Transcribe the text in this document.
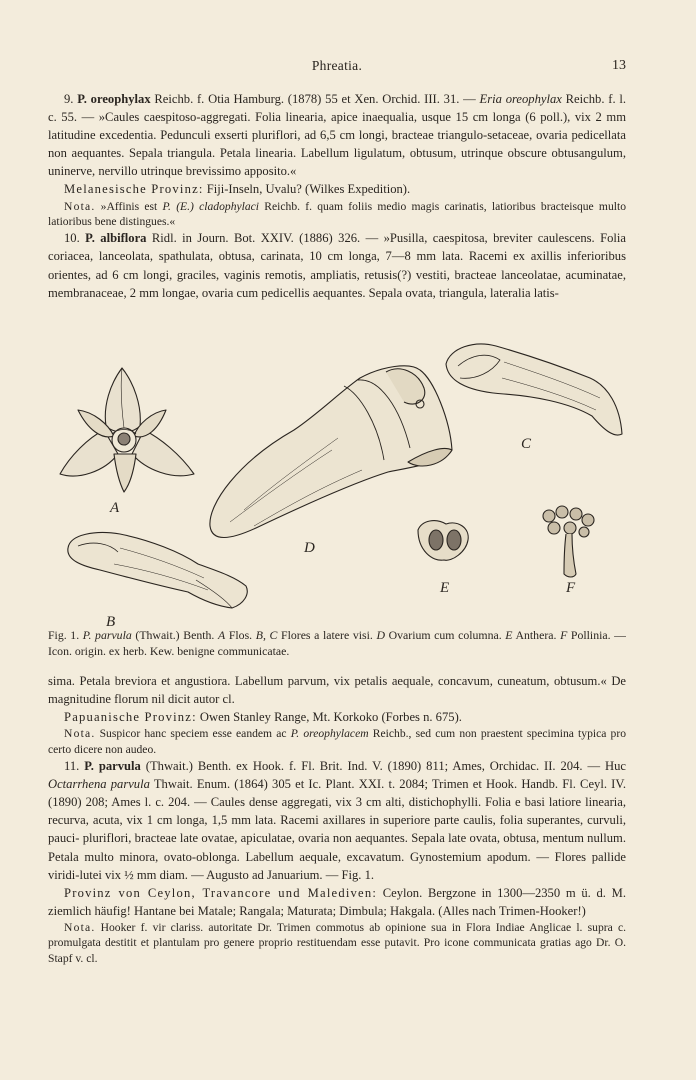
Phreatia.	13

9. P. oreophylax Reichb. f. Otia Hamburg. (1878) 55 et Xen. Orchid. III. 31. — Eria oreophylax Reichb. f. l. c. 55. — »Caules caespitoso-aggregati. Folia linearia, apice inaequalia, usque 15 cm longa (6 poll.), vix 2 mm latitudine excedentia. Pedunculi exserti pluriflori, ad 6,5 cm longi, bracteae triangulo-setaceae, ovaria pedicellata non aequantes. Sepala triangula. Petala linearia. Labellum ligulatum, obtusum, utrinque obscure obtusangulum, uninerve, nervillo utrinque brevissimo apposito.«

Melanesische Provinz: Fiji-Inseln, Uvalu? (Wilkes Expedition).

Nota. »Affinis est P. (E.) cladophylaci Reichb. f. quam foliis medio magis carinatis, latioribus bracteisque multo latioribus bene distingues.«

10. P. albiflora Ridl. in Journ. Bot. XXIV. (1886) 326. — »Pusilla, caespitosa, breviter caulescens. Folia coriacea, lanceolata, spathulata, obtusa, carinata, 10 cm longa, 7—8 mm lata. Racemi ex axillis inferioribus orientes, ad 6 cm longi, graciles, vaginis remotis, ampliatis, retusis(?) vestiti, bracteae lanceolatae, acuminatae, membranaceae, 2 mm longae, ovaria cum pedicellis aequantes. Sepala ovata, triangula, lateralia latis-

A
C
D
E	F
B
Fig. 1. P. parvula (Thwait.) Benth. A Flos. B, C Flores a latere visi. D Ovarium cum columna. E Anthera. F Pollinia. — Icon. origin. ex herb. Kew. benigne communicatae.

sima. Petala breviora et angustiora. Labellum parvum, vix petalis aequale, concavum, cuneatum, obtusum.« De magnitudine florum nil dicit autor cl.

Papuanische Provinz: Owen Stanley Range, Mt. Korkoko (Forbes n. 675).

Nota. Suspicor hanc speciem esse eandem ac P. oreophylacem Reichb., sed cum non praestent specimina typica pro certo dicere non audeo.

11. P. parvula (Thwait.) Benth. ex Hook. f. Fl. Brit. Ind. V. (1890) 811; Ames, Orchidac. II. 204. — Huc Octarrhena parvula Thwait. Enum. (1864) 305 et Ic. Plant. XXI. t. 2084; Trimen et Hook. Handb. Fl. Ceyl. IV. (1890) 208; Ames l. c. 204. — Caules dense aggregati, vix 3 cm alti, distichophylli. Folia e basi latiore linearia, recurva, acuta, vix 1 cm longa, 1,5 mm lata. Racemi axillares in superiore parte caulis, folia superantes, curvuli, pauci- pluriflori, bracteae late ovatae, apiculatae, ovaria non aequantes. Sepala late ovata, obtusa, mentum nullum. Petala multo minora, ovato-oblonga. Labellum aequale, excavatum. Gynostemium apodum. — Flores pallide viridi-lutei vix ½ mm diam. — Augusto ad Januarium. — Fig. 1.

Provinz von Ceylon, Travancore und Malediven: Ceylon. Bergzone in 1300—2350 m ü. d. M. ziemlich häufig! Hantane bei Matale; Rangala; Maturata; Dimbula; Hakgala. (Alles nach Trimen-Hooker!)

Nota. Hooker f. vir clariss. autoritate Dr. Trimen commotus ab opinione sua in Flora Indiae Anglicae l. supra c. promulgata destitit et plantulam pro genere proprio restituendam esse putavit. Pro icone communicata gratias ago Dr. O. Stapf v. cl.
